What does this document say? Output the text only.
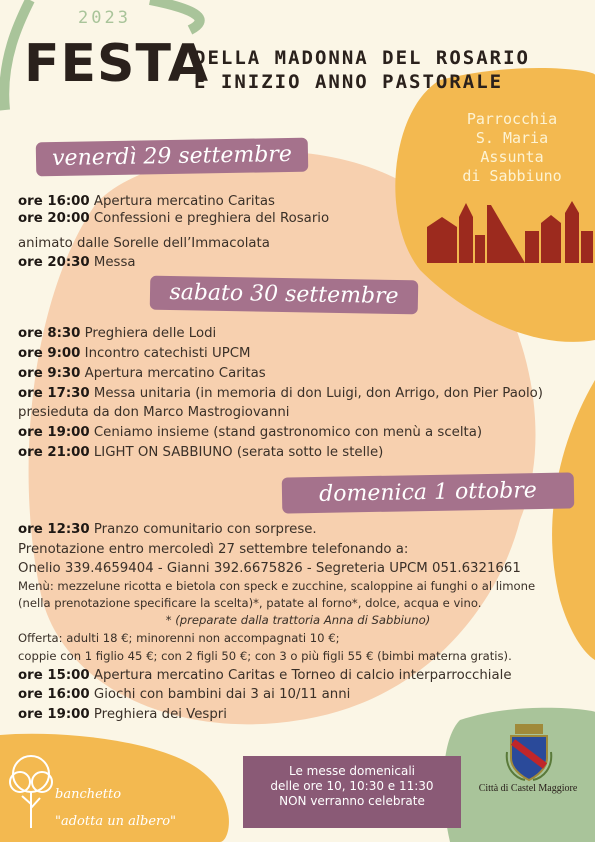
2023
FESTA
DELLA MADONNA DEL ROSARIO
E INIZIO ANNO PASTORALE
Parrocchia
S. Maria
Assunta
di Sabbiuno
venerdì 29 settembre
sabato 30 settembre
domenica 1 ottobre
ore 16:00 Apertura mercatino Caritas
ore 20:00 Confessioni e preghiera del Rosario
animato dalle Sorelle dell’Immacolata
ore 20:30 Messa
ore 8:30 Preghiera delle Lodi
ore 9:00 Incontro catechisti UPCM
ore 9:30 Apertura mercatino Caritas
ore 17:30 Messa unitaria (in memoria di don Luigi, don Arrigo, don Pier Paolo)
presieduta da don Marco Mastrogiovanni
ore 19:00 Ceniamo insieme (stand gastronomico con menù a scelta)
ore 21:00 LIGHT ON SABBIUNO (serata sotto le stelle)
ore 12:30 Pranzo comunitario con sorprese.
Prenotazione entro mercoledì 27 settembre telefonando a:
Onelio 339.4659404 - Gianni 392.6675826 - Segreteria UPCM 051.6321661
Menù: mezzelune ricotta e bietola con speck e zucchine, scaloppine ai funghi o al limone
(nella prenotazione specificare la scelta)*, patate al forno*, dolce, acqua e vino.
* (preparate dalla trattoria Anna di Sabbiuno)
Offerta: adulti 18 €; minorenni non accompagnati 10 €;
coppie con 1 figlio 45 €; con 2 figli 50 €; con 3 o più figli 55 € (bimbi materna gratis).
ore 15:00 Apertura mercatino Caritas e Torneo di calcio interparrocchiale
ore 16:00 Giochi con bambini dai 3 ai 10/11 anni
ore 19:00 Preghiera dei Vespri
banchetto
"adotta un albero"
Le messe domenicali
delle ore 10, 10:30 e 11:30
NON verranno celebrate
Città di Castel Maggiore
